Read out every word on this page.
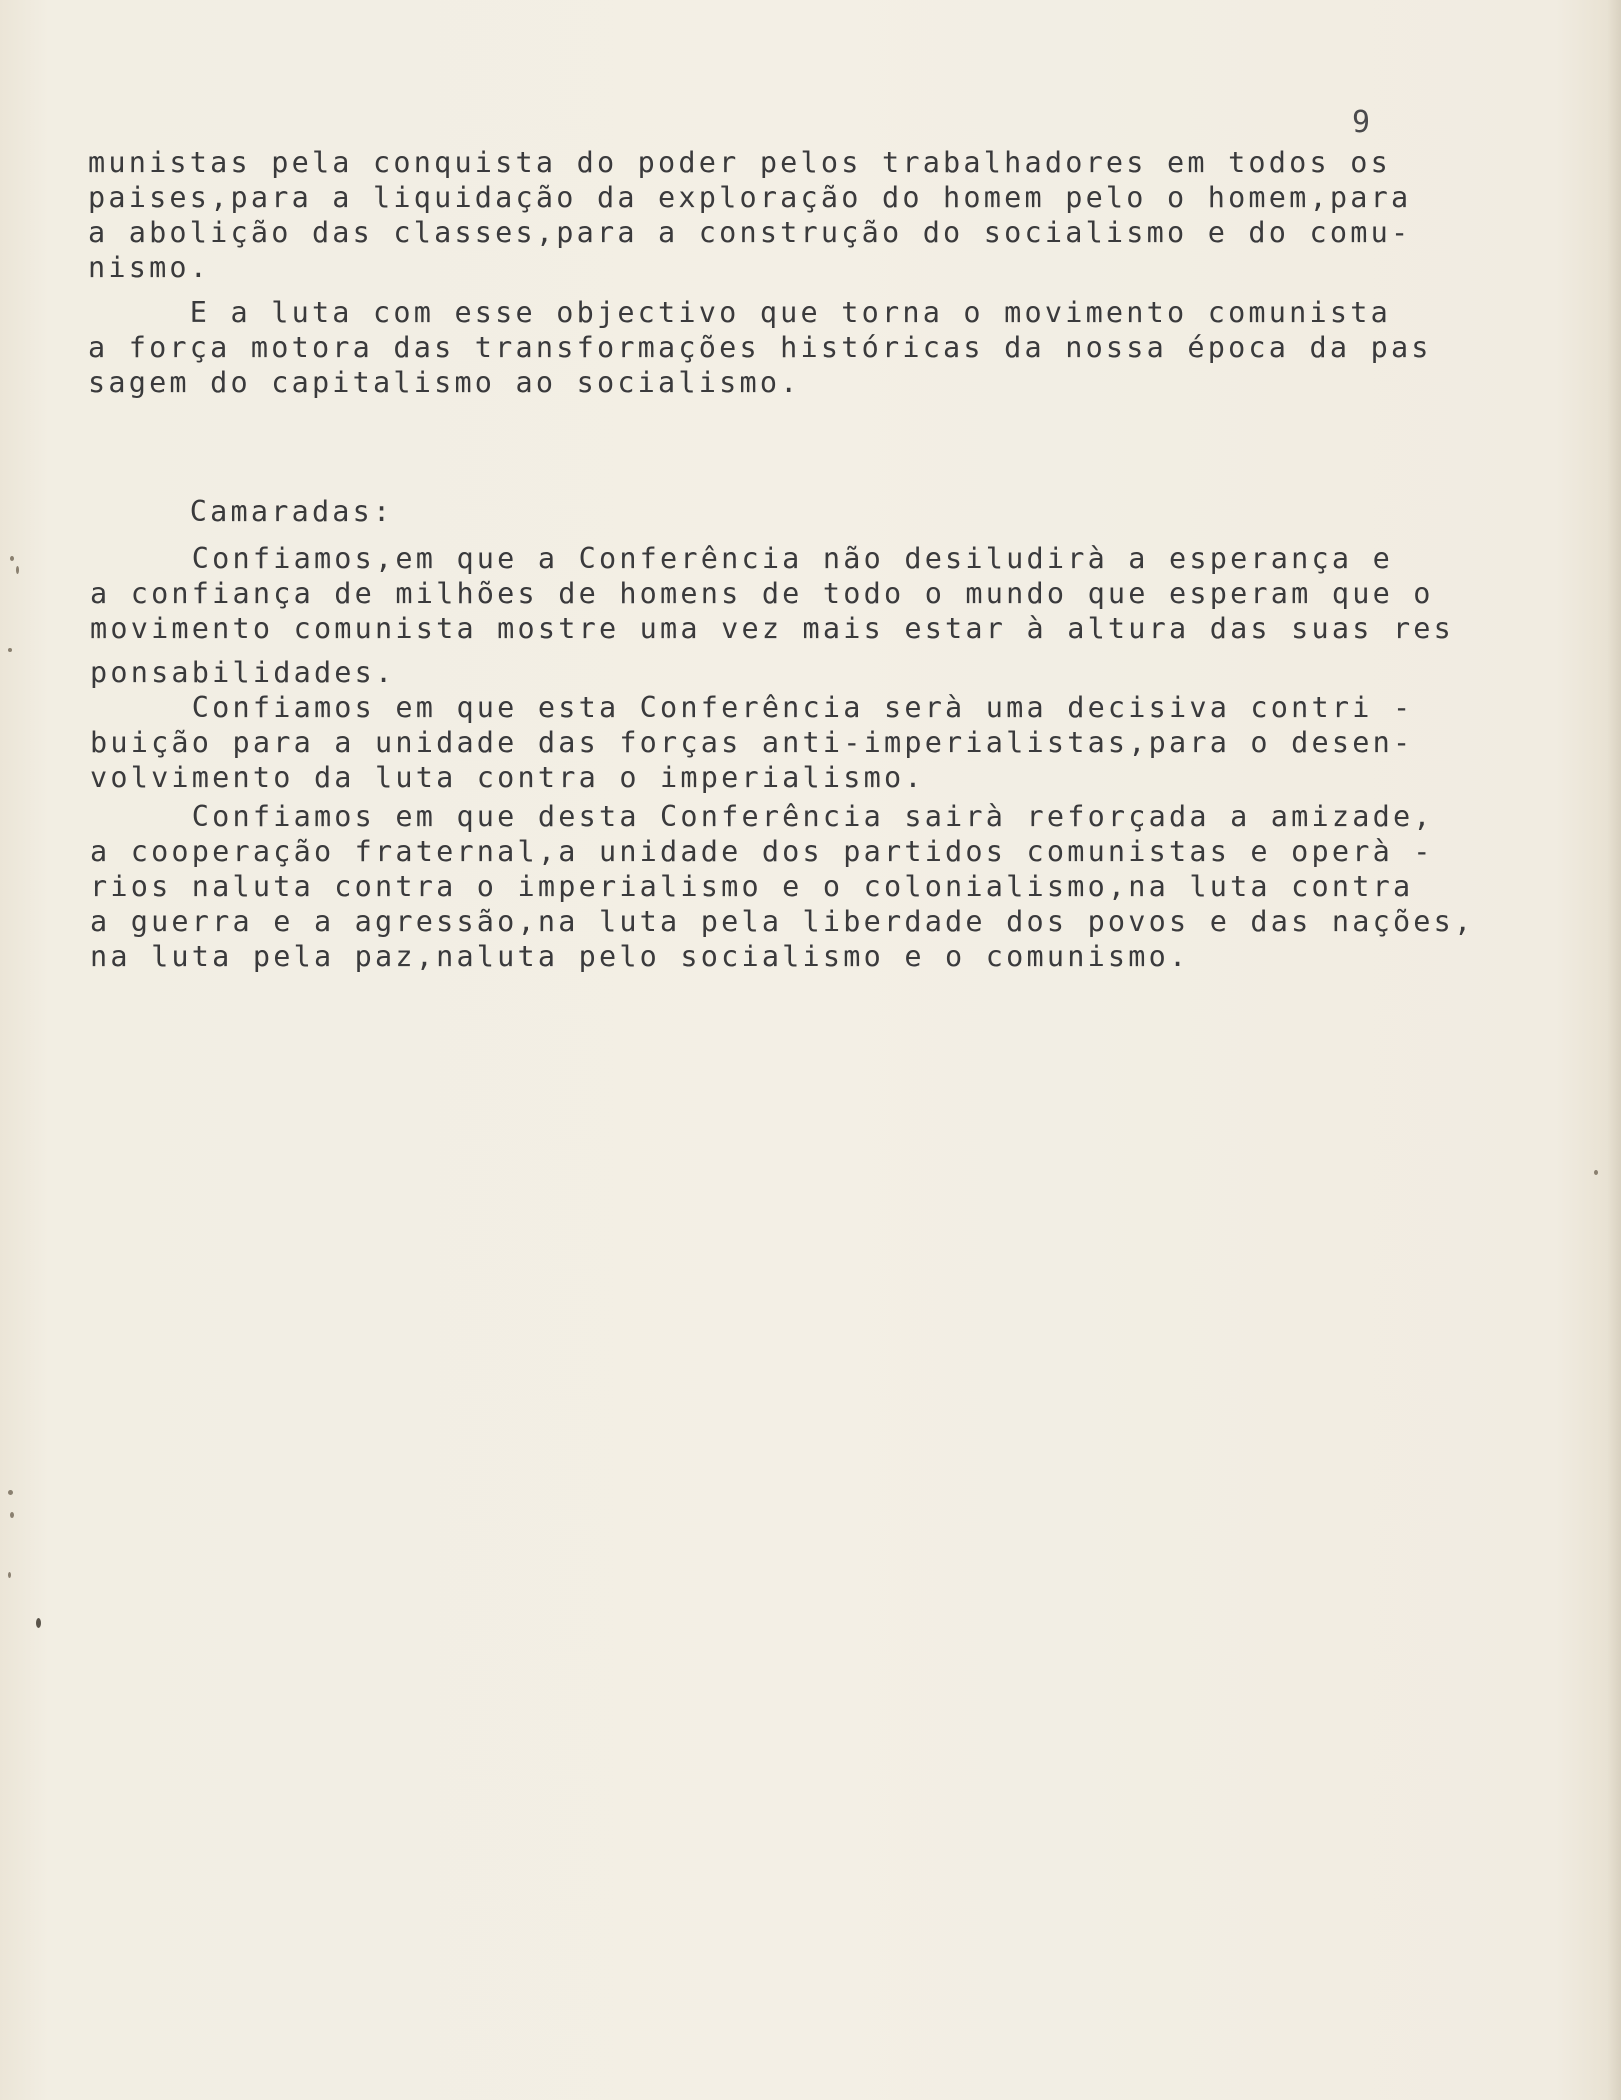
9

munistas pela conquista do poder pelos trabalhadores em todos os

paises,para a liquidação da exploração do homem pelo o homem,para

a abolição das classes,para a construção do socialismo e do comu-

nismo.

E a luta com esse objectivo que torna o movimento comunista

a força motora das transformações históricas da nossa época da pas

sagem do capitalismo ao socialismo.

Camaradas:

Confiamos,em que a Conferência não desiludirà a esperança e

a confiança de milhões de homens de todo o mundo que esperam que o

movimento comunista mostre uma vez mais estar à altura das suas res

ponsabilidades.

Confiamos em que esta Conferência serà uma decisiva contri -

buição para a unidade das forças anti-imperialistas,para o desen-

volvimento da luta contra o imperialismo.

Confiamos em que desta Conferência sairà reforçada a amizade,

a cooperação fraternal,a unidade dos partidos comunistas e operà -

rios naluta contra o imperialismo e o colonialismo,na luta contra

a guerra e a agressão,na luta pela liberdade dos povos e das nações,

na luta pela paz,naluta pelo socialismo e o comunismo.
